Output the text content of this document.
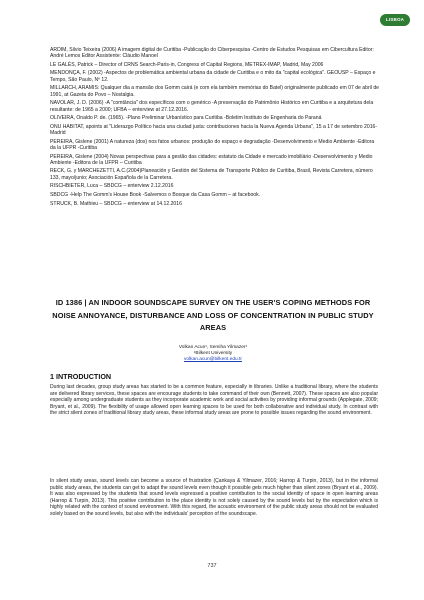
LISBOA

ARDIM, Silvio Teixeira (2006) A imagem digital de Curitiba -Publicação do Ciberpesquisa -Centro de Estudos Pesquisas em Cibercultura Editor: André Lemos Editor Assistente: Cláudio Manoel

LE GALÈS, Patrick – Director of CRNS Search-Paris-in, Congress of Capital Regions, METREX-IMAP, Madrid, May 2006

MENDONÇA, F. (2002) -Aspectos de problemática ambiental urbana da cidade de Curitiba e o mito da "capital ecológica". GEOUSP – Espaço e Tempo, São Paulo, Nº 12.

MILLARCH, ARAMIS: Qualquer dia a mansão dos Gomm cairá (e com ela também memórias do Batel) originalmente publicado em 07 de abril de 1991, at Gazeta do Povo – Nostalgia.

NAVOLAR, J. D. (2006) -A "comtância" dos específicos com o genérico -A preservação do Patrimônio Histórico em Curitiba e a arquitetura dela resultante: de 1965 a 2000; UFBA – enterview at 27.12.2016.

OLIVEIRA, Onaldo P. de. (1965). -Plano Preliminar Urbanístico para Curitiba -Boletim Instituto de Engenharia do Paraná

ONU HABITAT, apoints at "Liderazgo Político hacia una ciudad justa: contribuciones hacia la Nueva Agenda Urbana", 15 a 17 de setembro 2016-Madrid

PEREIRA, Gislene (2001) A natureza (dos) nos fatos urbanos: produção do espaço e degradação -Desenvolvimento e Medio Ambiente -Editora da la UFPR -Curitiba

PEREIRA, Gislene (2004) Novas perspectivas para a gestão das cidades: estatuto da Cidade e mercado imobiliário -Desenvolvimento y Medio Ambiente -Editora de la UFPR – Curitiba

RECK, G. y MARCHEZETTI, A.C.(2004)Planeación y Gestión del Sistema de Transporte Público de Curitiba, Brasil, Revista Carretera, número 133, mayo/junio; Asociación Española de la Carretera.

RISCHBIETER, Luca – SBDCG – enterview 2.12.2016

SBDCG -Help The Gomm's House Book -Salvemos o Bosque da Casa Gomm – at facebook.

STRUCK, B. Mathieu – SBDCG – enterview at 14.12.2016

ID 1386 | AN INDOOR SOUNDSCAPE SURVEY ON THE USER'S COPING METHODS FOR NOISE ANNOYANCE, DISTURBANCE AND LOSS OF CONCENTRATION IN PUBLIC STUDY AREAS
Volkan Acun¹, Semiha Yilmazer¹
¹Bilkent University
volkan.acun@bilkent.edu.tr
1 INTRODUCTION

During last decades, group study areas has started to be a common feature, especially in libraries. Unlike a traditional library, where the students are delivered library services, these spaces are encourage students to take command of their own (Bennett, 2007). These spaces are also popular especially among undergraduate students as they incorporate academic work and social activities by providing informal grounds (Applegate, 2009; Bryant, et al., 2009). The flexibility of usage allowed open learning spaces to be used for both collaborative and individual study. In contrast with the strict silent zones of traditional library study areas, these informal study areas are prone to possible issues regarding the sound environment.

In silent study areas, sound levels can become a source of frustration (Çankaya & Yilmazer, 2016; Harrop & Turpin, 2013), but in the informal public study areas, the students can get to adapt the sound levels even though it possible gets much higher than silent zones (Bryant et al., 2009). It was also expressed by the students that sound levels expressed a positive contribution to the social identity of space in open learning areas (Harrop & Turpin, 2013). This positive contribution to the place identity is not solely caused by the sound levels but by the expectation which is highly related with the context of sound environment. With this regard, the acoustic environment of the public study areas should not be evaluated solely based on the sound levels, but also with the individuals' perception of the soundscape.

737
